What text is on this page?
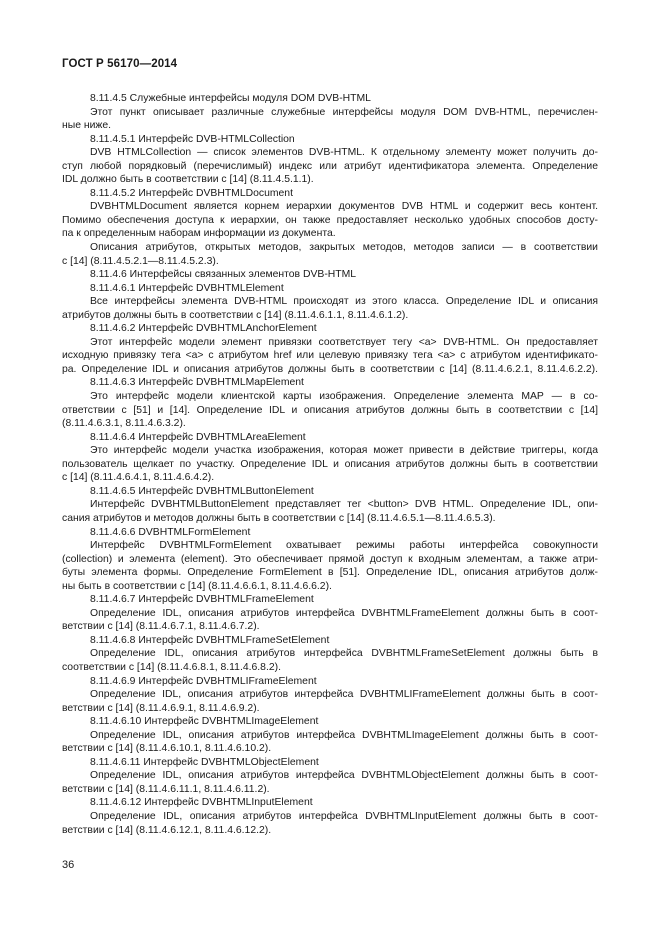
ГОСТ Р 56170—2014
8.11.4.5 Служебные интерфейсы модуля DOM DVB-HTML
Этот пункт описывает различные служебные интерфейсы модуля DOM DVB-HTML, перечислен-
ные ниже.
8.11.4.5.1 Интерфейс DVB-HTMLCollection
DVB HTMLCollection — список элементов DVB-HTML. К отдельному элементу может получить до-
ступ любой порядковый (перечислимый) индекс или атрибут идентификатора элемента. Определение
IDL должно быть в соответствии с [14] (8.11.4.5.1.1).
8.11.4.5.2 Интерфейс DVBHTMLDocument
DVBHTMLDocument является корнем иерархии документов DVB HTML и содержит весь контент.
Помимо обеспечения доступа к иерархии, он также предоставляет несколько удобных способов досту-
па к определенным наборам информации из документа.
Описания атрибутов, открытых методов, закрытых методов, методов записи — в соответствии
с [14] (8.11.4.5.2.1—8.11.4.5.2.3).
8.11.4.6 Интерфейсы связанных элементов DVB-HTML
8.11.4.6.1 Интерфейс DVBHTMLElement
Все интерфейсы элемента DVB-HTML происходят из этого класса. Определение IDL и описания
атрибутов должны быть в соответствии с [14] (8.11.4.6.1.1, 8.11.4.6.1.2).
8.11.4.6.2 Интерфейс DVBHTMLAnchorElement
Этот интерфейс модели элемент привязки соответствует тегу <a> DVB-HTML. Он предоставляет
исходную привязку тега <a> с атрибутом href или целевую привязку тега <a> с атрибутом идентификато-
ра. Определение IDL и описания атрибутов должны быть в соответствии с [14] (8.11.4.6.2.1, 8.11.4.6.2.2).
8.11.4.6.3 Интерфейс DVBHTMLMapElement
Это интерфейс модели клиентской карты изображения. Определение элемента MAP — в со-
ответствии с [51] и [14]. Определение IDL и описания атрибутов должны быть в соответствии с [14]
(8.11.4.6.3.1, 8.11.4.6.3.2).
8.11.4.6.4 Интерфейс DVBHTMLAreaElement
Это интерфейс модели участка изображения, которая может привести в действие триггеры, когда
пользователь щелкает по участку. Определение IDL и описания атрибутов должны быть в соответствии
с [14] (8.11.4.6.4.1, 8.11.4.6.4.2).
8.11.4.6.5 Интерфейс DVBHTMLButtonElement
Интерфейс DVBHTMLButtonElement представляет тег <button> DVB HTML. Определение IDL, опи-
сания атрибутов и методов должны быть в соответствии с [14] (8.11.4.6.5.1—8.11.4.6.5.3).
8.11.4.6.6 DVBHTMLFormElement
Интерфейс DVBHTMLFormElement охватывает режимы работы интерфейса совокупности
(collection) и элемента (element). Это обеспечивает прямой доступ к входным элементам, а также атри-
буты элемента формы. Определение FormElement в [51]. Определение IDL, описания атрибутов долж-
ны быть в соответствии с [14] (8.11.4.6.6.1, 8.11.4.6.6.2).
8.11.4.6.7 Интерфейс DVBHTMLFrameElement
Определение IDL, описания атрибутов интерфейса DVBHTMLFrameElement должны быть в соот-
ветствии с [14] (8.11.4.6.7.1, 8.11.4.6.7.2).
8.11.4.6.8 Интерфейс DVBHTMLFrameSetElement
Определение IDL, описания атрибутов интерфейса DVBHTMLFrameSetElement должны быть в
соответствии с [14] (8.11.4.6.8.1, 8.11.4.6.8.2).
8.11.4.6.9 Интерфейс DVBHTMLIFrameElement
Определение IDL, описания атрибутов интерфейса DVBHTMLIFrameElement должны быть в соот-
ветствии с [14] (8.11.4.6.9.1, 8.11.4.6.9.2).
8.11.4.6.10 Интерфейс DVBHTMLImageElement
Определение IDL, описания атрибутов интерфейса DVBHTMLImageElement должны быть в соот-
ветствии с [14] (8.11.4.6.10.1, 8.11.4.6.10.2).
8.11.4.6.11 Интерфейс DVBHTMLObjectElement
Определение IDL, описания атрибутов интерфейса DVBHTMLObjectElement должны быть в соот-
ветствии с [14] (8.11.4.6.11.1, 8.11.4.6.11.2).
8.11.4.6.12 Интерфейс DVBHTMLInputElement
Определение IDL, описания атрибутов интерфейса DVBHTMLInputElement должны быть в соот-
ветствии с [14] (8.11.4.6.12.1, 8.11.4.6.12.2).
36
